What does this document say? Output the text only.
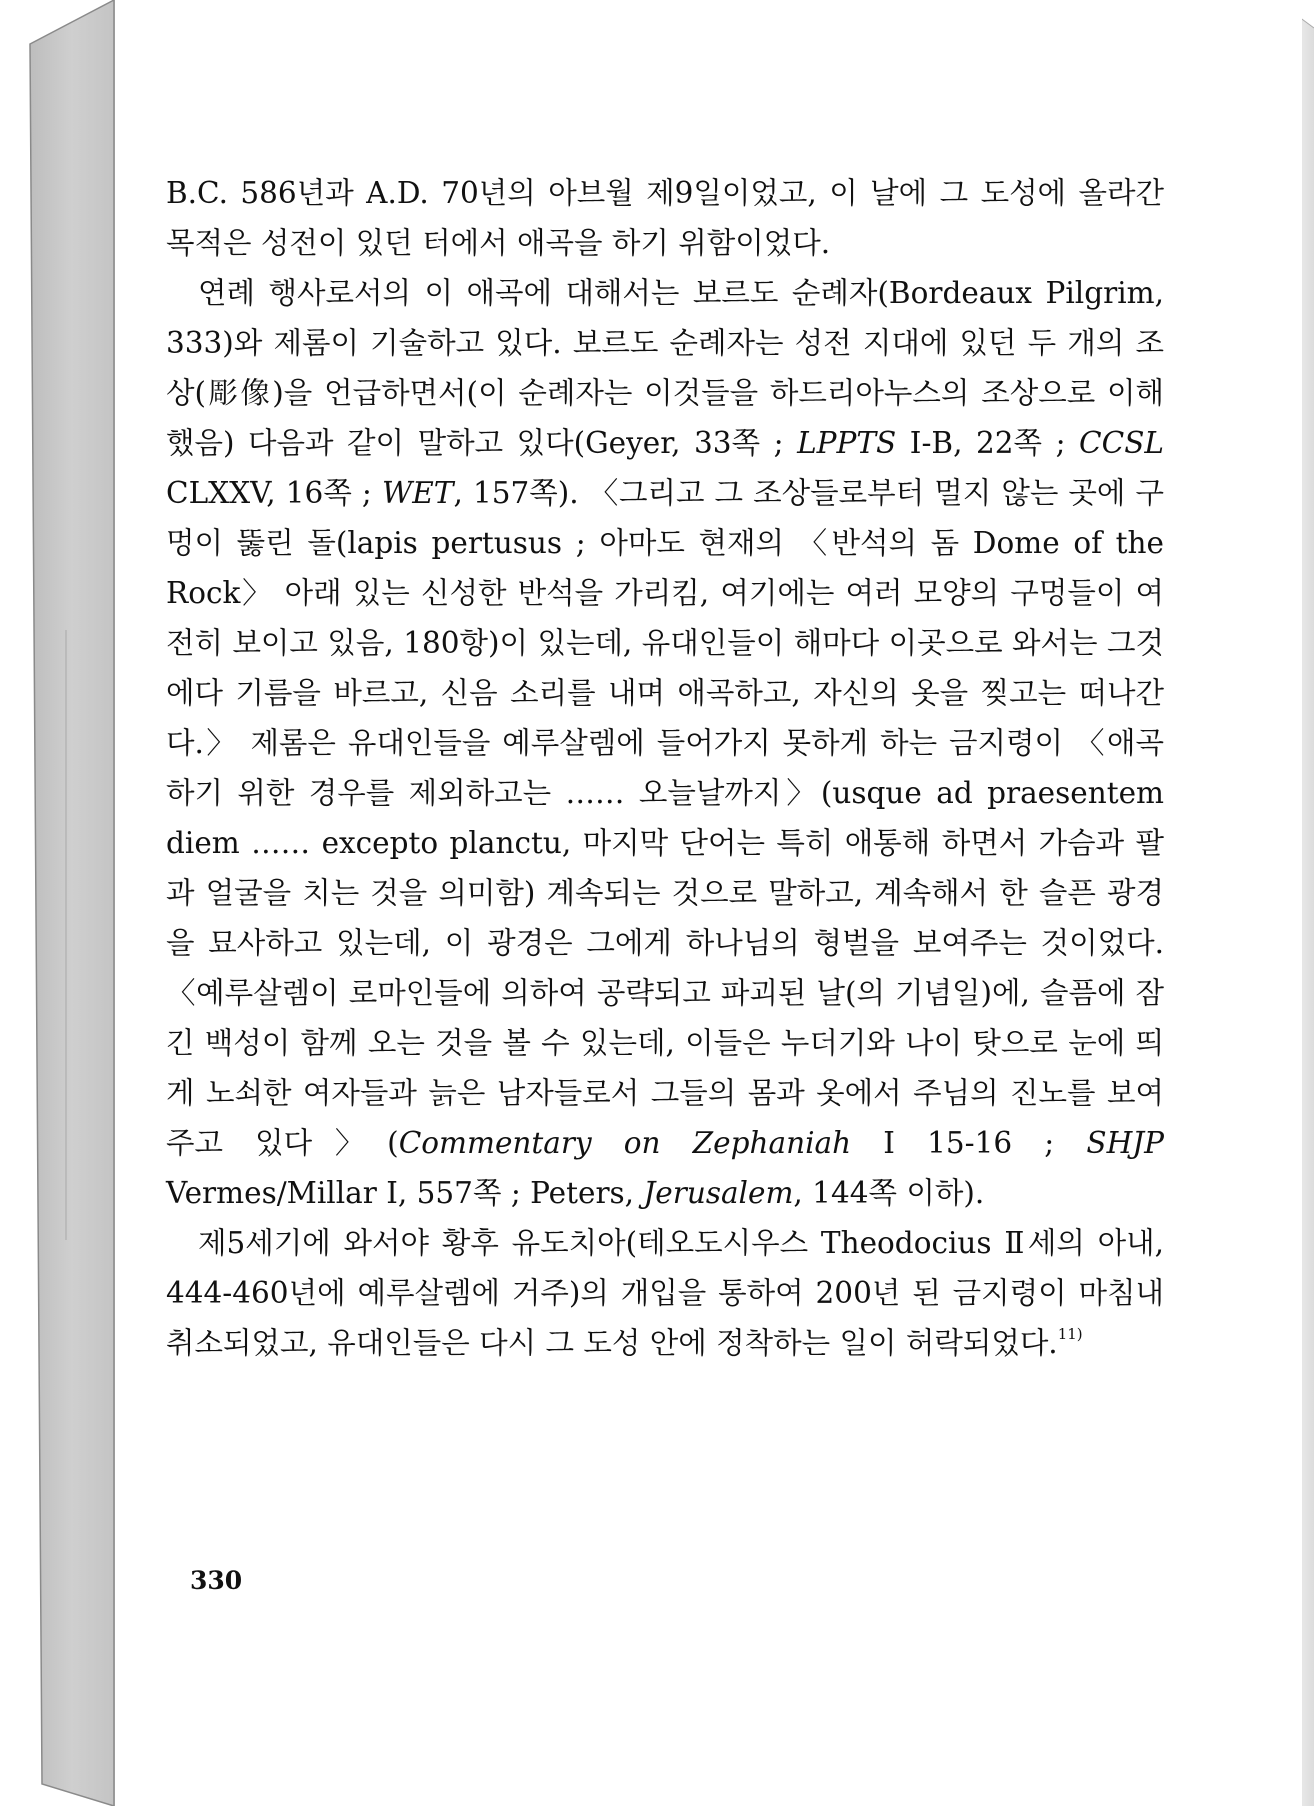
B.C. 586년과 A.D. 70년의 아브월 제9일이었고, 이 날에 그 도성에 올라간 목적은 성전이 있던 터에서 애곡을 하기 위함이었다.

연례 행사로서의 이 애곡에 대해서는 보르도 순례자(Bordeaux Pilgrim, 333)와 제롬이 기술하고 있다. 보르도 순례자는 성전 지대에 있던 두 개의 조상(彫像)을 언급하면서(이 순례자는 이것들을 하드리아누스의 조상으로 이해했음) 다음과 같이 말하고 있다(Geyer, 33쪽 ; LPPTS I-B, 22쪽 ; CCSL CLXXV, 16쪽 ; WET, 157쪽). 〈그리고 그 조상들로부터 멀지 않는 곳에 구멍이 뚫린 돌(lapis pertusus ; 아마도 현재의 〈반석의 돔 Dome of the Rock〉 아래 있는 신성한 반석을 가리킴, 여기에는 여러 모양의 구멍들이 여전히 보이고 있음, 180항)이 있는데, 유대인들이 해마다 이곳으로 와서는 그것에다 기름을 바르고, 신음 소리를 내며 애곡하고, 자신의 옷을 찢고는 떠나간다.〉 제롬은 유대인들을 예루살렘에 들어가지 못하게 하는 금지령이 〈애곡하기 위한 경우를 제외하고는 …… 오늘날까지〉(usque ad praesentem diem …… excepto planctu, 마지막 단어는 특히 애통해 하면서 가슴과 팔과 얼굴을 치는 것을 의미함) 계속되는 것으로 말하고, 계속해서 한 슬픈 광경을 묘사하고 있는데, 이 광경은 그에게 하나님의 형벌을 보여주는 것이었다. 〈예루살렘이 로마인들에 의하여 공략되고 파괴된 날(의 기념일)에, 슬픔에 잠긴 백성이 함께 오는 것을 볼 수 있는데, 이들은 누더기와 나이 탓으로 눈에 띄게 노쇠한 여자들과 늙은 남자들로서 그들의 몸과 옷에서 주님의 진노를 보여주고 있다〉(Commentary on Zephaniah I 15-16 ; SHJP Vermes/Millar I, 557쪽 ; Peters, Jerusalem, 144쪽 이하).

제5세기에 와서야 황후 유도치아(테오도시우스 Theodocius Ⅱ세의 아내, 444-460년에 예루살렘에 거주)의 개입을 통하여 200년 된 금지령이 마침내 취소되었고, 유대인들은 다시 그 도성 안에 정착하는 일이 허락되었다.$^{11)}$

330
